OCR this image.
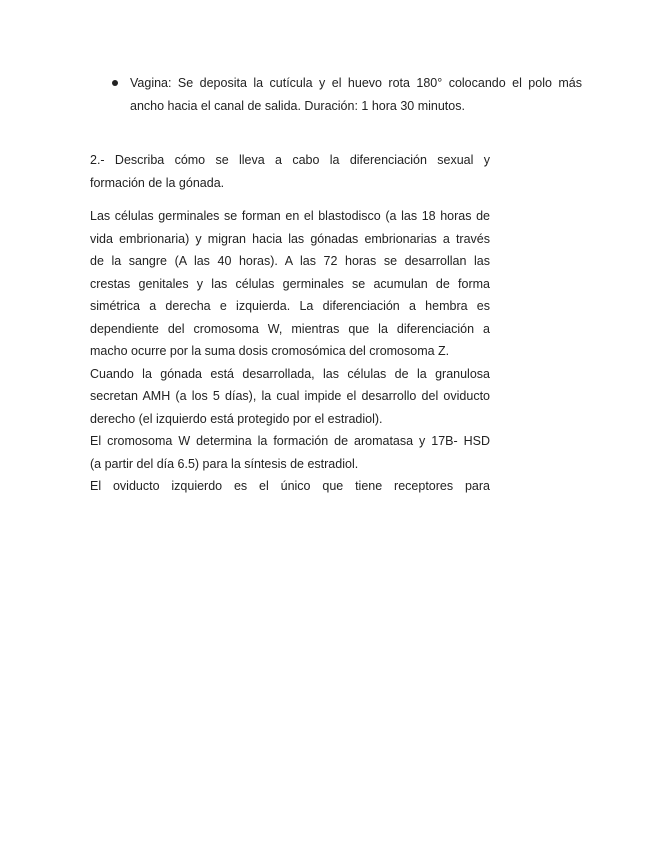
Vagina: Se deposita la cutícula y el huevo rota 180° colocando el polo más
ancho hacia el canal de salida. Duración: 1 hora 30 minutos.
2.- Describa cómo se lleva a cabo la diferenciación sexual y
formación de la gónada.
Las células germinales se forman en el blastodisco (a las 18 horas de
vida embrionaria) y migran hacia las gónadas embrionarias a través
de la sangre (A las 40 horas). A las 72 horas se desarrollan las
crestas genitales y las células germinales se acumulan de forma
simétrica a derecha e izquierda. La diferenciación a hembra es
dependiente del cromosoma W, mientras que la diferenciación a
macho ocurre por la suma dosis cromosómica del cromosoma Z.
Cuando la gónada está desarrollada, las células de la granulosa
secretan AMH (a los 5 días), la cual impide el desarrollo del oviducto
derecho (el izquierdo está protegido por el estradiol).
El cromosoma W determina la formación de aromatasa y 17B- HSD
(a partir del día 6.5) para la síntesis de estradiol.
El oviducto izquierdo es el único que tiene receptores para
